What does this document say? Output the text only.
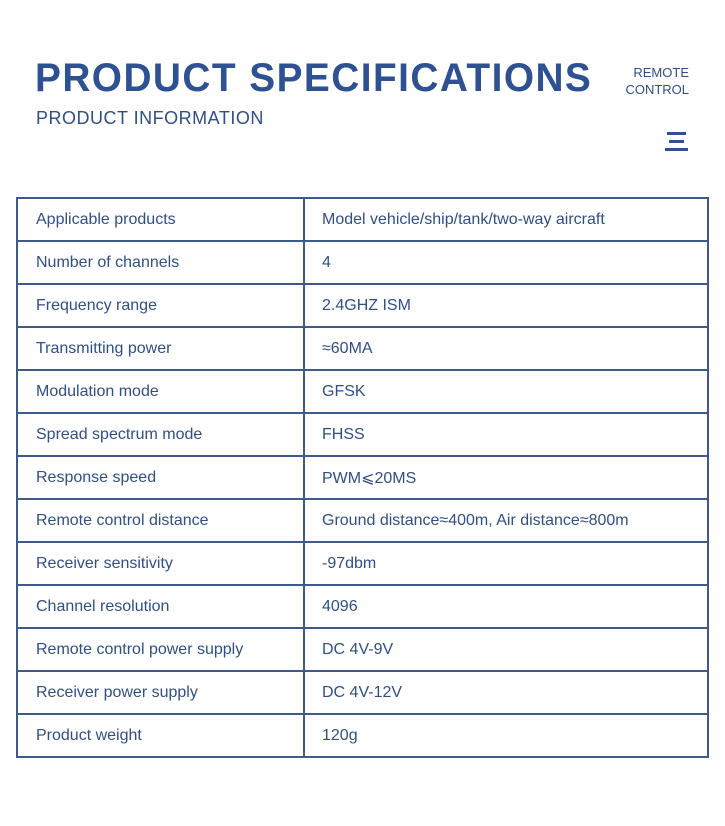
PRODUCT SPECIFICATIONS
PRODUCT INFORMATION
REMOTE
CONTROL
Applicable products	Model vehicle/ship/tank/two-way aircraft
Number of channels	4
Frequency range	2.4GHZ ISM
Transmitting power	≈60MA
Modulation mode	GFSK
Spread spectrum mode	FHSS
Response speed	PWM⩽20MS
Remote control distance	Ground distance≈400m, Air distance≈800m
Receiver sensitivity	-97dbm
Channel resolution	4096
Remote control power supply	DC 4V-9V
Receiver power supply	DC 4V-12V
Product weight	120g
